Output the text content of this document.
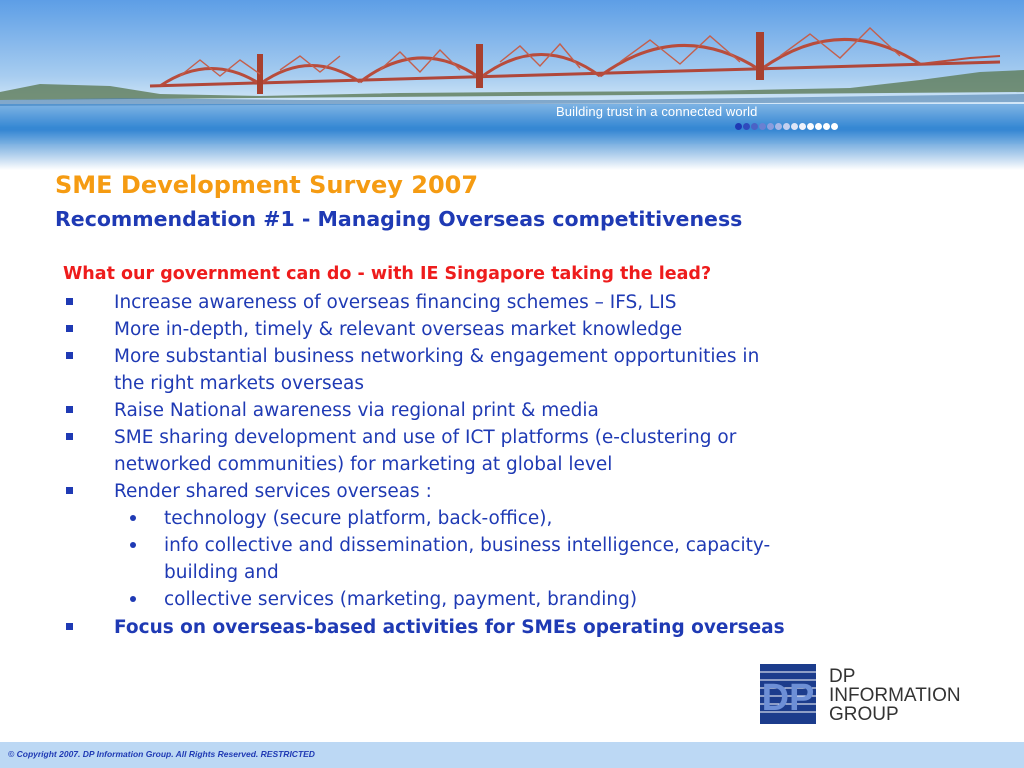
Building trust in a connected world
SME Development Survey 2007
Recommendation #1 - Managing Overseas competitiveness
What our government can do - with IE Singapore taking the lead?
Increase awareness of overseas financing schemes – IFS, LIS
More in-depth, timely & relevant overseas market knowledge
More substantial business networking & engagement opportunities in
the right markets overseas
Raise National awareness via regional print & media
SME sharing development and use of ICT platforms (e-clustering or
networked communities) for marketing at global level
Render shared services overseas :
technology (secure platform, back-office),
info collective and dissemination, business intelligence, capacity-
building and
collective services (marketing, payment, branding)
Focus on overseas-based activities for SMEs operating overseas
DP
DP
INFORMATION
GROUP
© Copyright 2007. DP Information Group. All Rights Reserved. RESTRICTED
